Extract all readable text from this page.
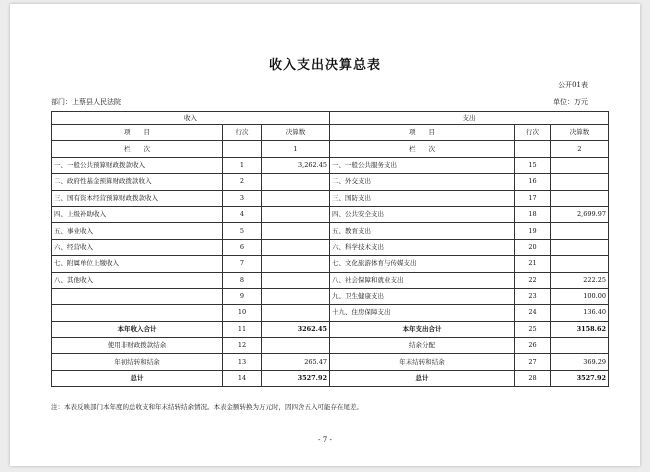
收入支出决算总表
公开01表
部门：上蔡县人民法院	单位：万元
收入			支出		
项　　目	行次	决算数	项　　目	行次	决算数
栏　　次		1	栏　　次		2
一、一般公共预算财政拨款收入	1	3,262.45	一、一般公共服务支出	15	
二、政府性基金预算财政拨款收入	2		二、外交支出	16	
三、国有资本经营预算财政拨款收入	3		三、国防支出	17	
四、上级补助收入	4		四、公共安全支出	18	2,699.97
五、事业收入	5		五、教育支出	19	
六、经营收入	6		六、科学技术支出	20	
七、附属单位上缴收入	7		七、文化旅游体育与传媒支出	21	
八、其他收入	8		八、社会保障和就业支出	22	222.25
	9		九、卫生健康支出	23	100.00
	10		十九、住房保障支出	24	136.40
本年收入合计	11	3262.45	本年支出合计	25	3158.62
使用非财政拨款结余	12		结余分配	26	
年初结转和结余	13	265.47	年末结转和结余	27	369.29
总计	14	3527.92	总计	28	3527.92
注：本表反映部门本年度的总收支和年末结转结余情况。本表金额转换为万元时，因四舍五入可能存在尾差。
- 7 -
